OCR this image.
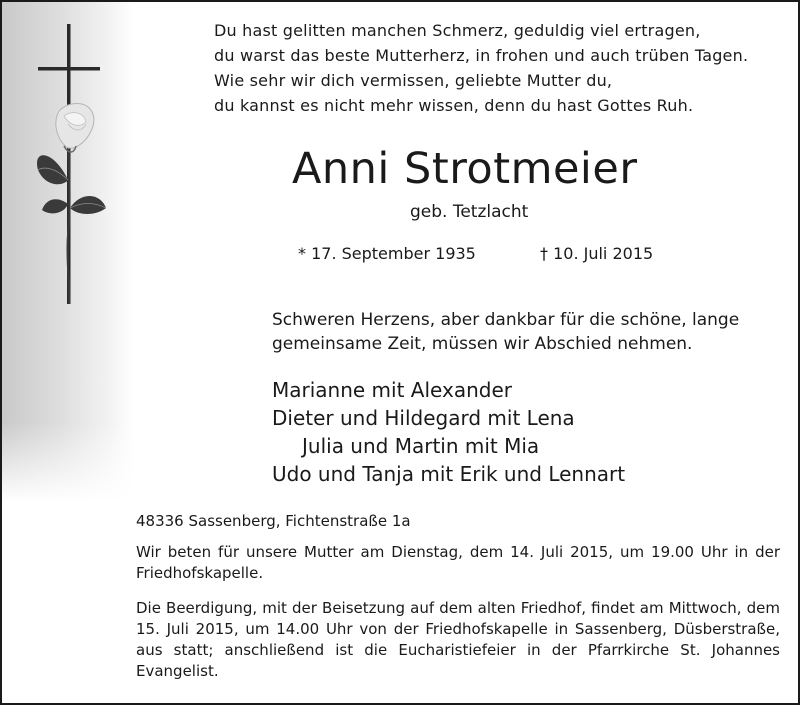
Du hast gelitten manchen Schmerz, geduldig viel ertragen,
du warst das beste Mutterherz, in frohen und auch trüben Tagen.
Wie sehr wir dich vermissen, geliebte Mutter du,
du kannst es nicht mehr wissen, denn du hast Gottes Ruh.
Anni Strotmeier
geb. Tetzlacht
* 17. September 1935	† 10. Juli 2015
Schweren Herzens, aber dankbar für die schöne, lange
gemeinsame Zeit, müssen wir Abschied nehmen.
Marianne mit Alexander
Dieter und Hildegard mit Lena
Julia und Martin mit Mia
Udo und Tanja mit Erik und Lennart
48336 Sassenberg, Fichtenstraße 1a
Wir beten für unsere Mutter am Dienstag, dem 14. Juli 2015, um 19.00 Uhr in der Friedhofskapelle.
Die Beerdigung, mit der Beisetzung auf dem alten Friedhof, findet am Mittwoch, dem 15. Juli 2015, um 14.00 Uhr von der Friedhofskapelle in Sassenberg, Düsberstraße, aus statt; anschließend ist die Eucharistiefeier in der Pfarrkirche St. Johannes Evangelist.
